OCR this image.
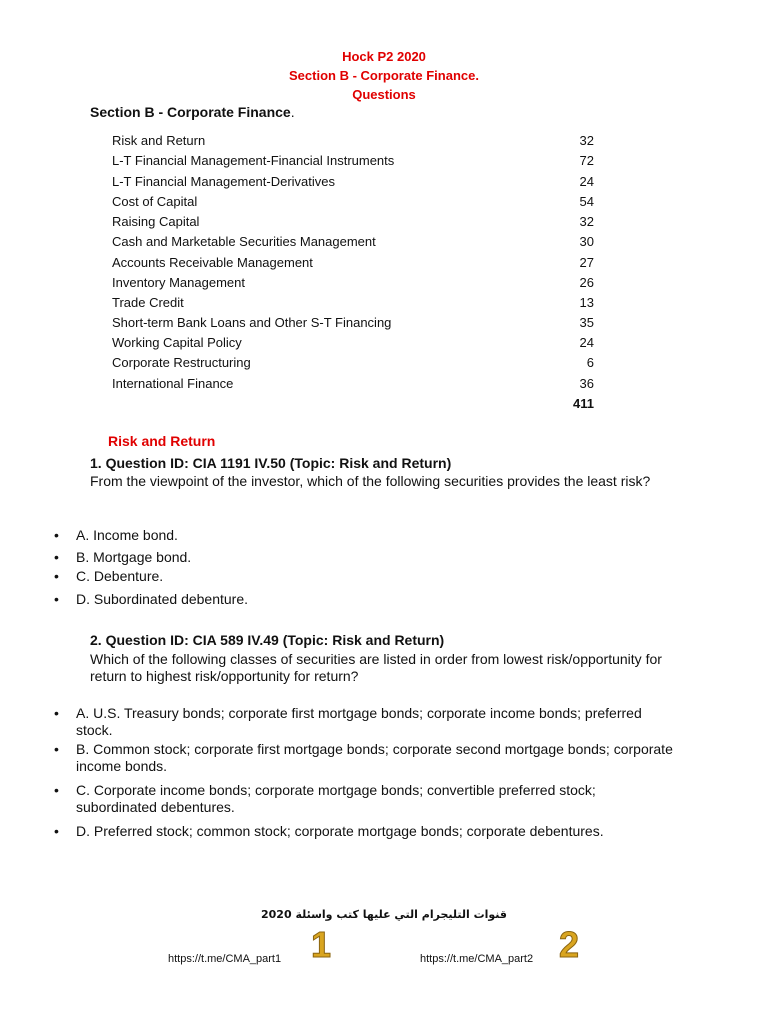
Hock P2 2020
Section B - Corporate Finance.
Questions
Section B - Corporate Finance.
Risk and Return	32
L-T Financial Management-Financial Instruments	72
L-T Financial Management-Derivatives	24
Cost of Capital	54
Raising Capital	32
Cash and Marketable Securities Management	30
Accounts Receivable Management	27
Inventory Management	26
Trade Credit	13
Short-term Bank Loans and Other S-T Financing	35
Working Capital Policy	24
Corporate Restructuring	6
International Finance	36
411
Risk and Return
1. Question ID: CIA 1191 IV.50 (Topic: Risk and Return)
From the viewpoint of the investor, which of the following securities provides the least risk?
• A. Income bond.
• B. Mortgage bond.
• C. Debenture.
• D. Subordinated debenture.
2. Question ID: CIA 589 IV.49 (Topic: Risk and Return)
Which of the following classes of securities are listed in order from lowest risk/opportunity for return to highest risk/opportunity for return?
• A. U.S. Treasury bonds; corporate first mortgage bonds; corporate income bonds; preferred stock.
• B. Common stock; corporate first mortgage bonds; corporate second mortgage bonds; corporate income bonds.
• C. Corporate income bonds; corporate mortgage bonds; convertible preferred stock; subordinated debentures.
• D. Preferred stock; common stock; corporate mortgage bonds; corporate debentures.
قنوات التليجرام التي عليها كتب واسئلة 2020
https://t.me/CMA_part1 1	https://t.me/CMA_part2 2
